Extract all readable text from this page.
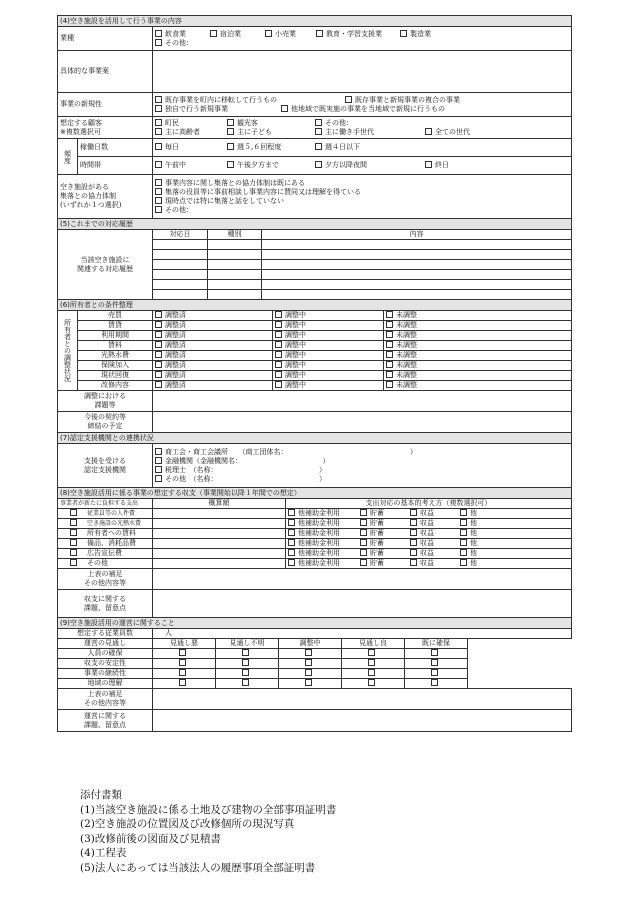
(4)空き施設を活用して行う事業の内容	
業種	飲食業 宿泊業 小売業 教育・学習支援業 製造業
その他：
具体的な事業案	
事業の新規性	既存事業を町内に移転して行うもの 既存事業と新規事業の複合の事業
独自で行う新規事業 他地域で既実施の事業を当地域で新規に行うもの

想定する顧客
※複数選択可	町民 観光客 その他：
主に高齢者 主に子ども 主に働き手世代 全ての世代
頻度	稼働日数	毎日 週５,６回程度 週４日以下
	時間帯	午前中 午後夕方まで 夕方以降夜間 終日
空き施設がある
集落との協力体制
(いずれか１つ選択)

事業内容に関し集落との協力体制は既にある
集落の役員等に事前相談し事業内容に賛同又は理解を得ている
現時点では特に集落と話をしていない
その他：
(5)これまでの対応履歴			

当該空き施設に
関連する対応履歴	対応日	種別	内容

(6)所有者との条件整理				
所有者との調整状況	売買	調整済	調整中	未調整
	賃貸	調整済	調整中	未調整
	利用期間	調整済	調整中	未調整
	賃料	調整済	調整中	未調整
	光熱水費	調整済	調整中	未調整
	保険加入	調整済	調整中	未調整
	現状回復	調整済	調整中	未調整
	改修内容	調整済	調整中	未調整

調整における
課題等				

今後の契約等
締結の予定				

(7)認定支援機関との連携状況

支援を受ける
認定支援機関

商工会・商工会議所　　（商工団体名：　　　　　　　　　　　　　　　　　　）
金融機関（金融機関名：　　　　　　　　　　　　）
税理士　（名称：　　　　　　　　　　　　　　　）
その他　（名称：　　　　　　　　　　　　　　　）
(8)空き施設活用に係る事業の想定する収支（事業開始以降１年間での想定）		
事業者が新たに負担する支出	概算額	支出対応の基本的考え方（複数選択可）
従業員等の人件費		他補助金利用 貯蓄 収益 他
空き施設の光熱水費		他補助金利用 貯蓄 収益 他
所有者への賃料		他補助金利用 貯蓄 収益 他
備品、消耗品費		他補助金利用 貯蓄 収益 他
広告宣伝費		他補助金利用 貯蓄 収益 他
その他		他補助金利用 貯蓄 収益 他

上表の補足
その他内容等		

収支に関する
課題、留意点		

(9)空き施設活用の運営に関すること						
想定する従業員数	人					
運営の見通し	見通し悪	見通し不明	調整中	見通し良	既に確保	
人員の確保						
収支の安定性						
事業の継続性						
地域の理解						

上表の補足
その他内容等						

運営に関する
課題、留意点						

添付書類
(1)当該空き施設に係る土地及び建物の全部事項証明書
(2)空き施設の位置図及び改修個所の現況写真
(3)改修前後の図面及び見積書
(4)工程表
(5)法人にあっては当該法人の履歴事項全部証明書
